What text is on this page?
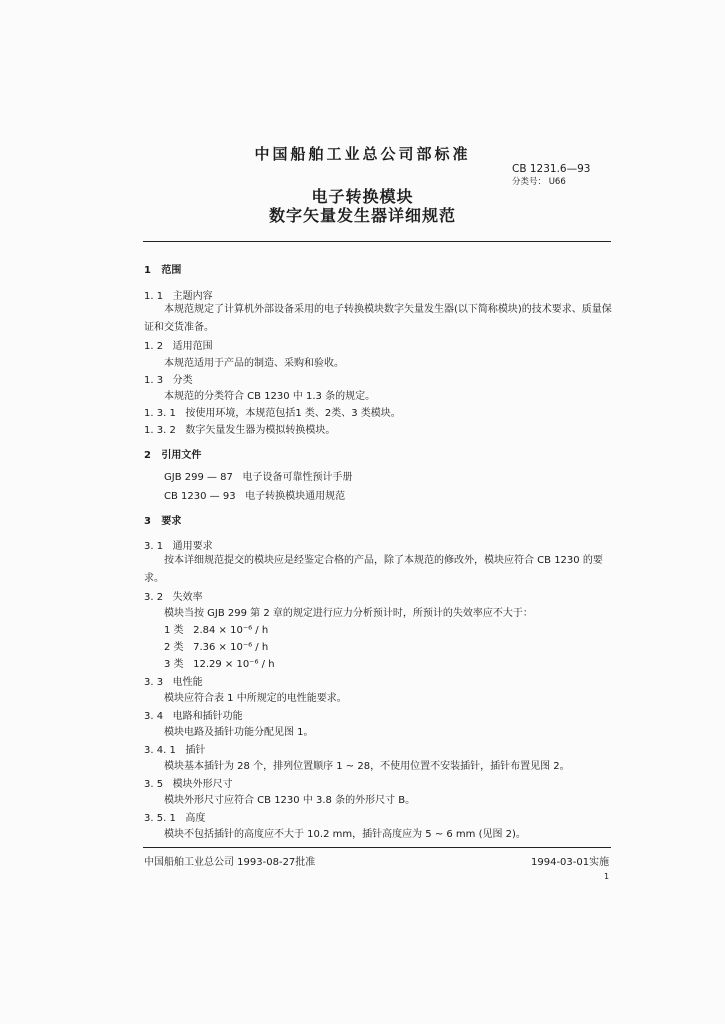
中国船舶工业总公司部标准
CB 1231.6—93
分类号： U66
电子转换模块
数字矢量发生器详细规范
1 范围
1. 1 主题内容
本规范规定了计算机外部设备采用的电子转换模块数字矢量发生器(以下简称模块)的技术要求、质量保证和交货准备。
1. 2 适用范围
本规范适用于产品的制造、采购和验收。
1. 3 分类
本规范的分类符合 CB 1230 中 1.3 条的规定。
1. 3. 1 按使用环境，本规范包括1 类、2类、3 类模块。
1. 3. 2 数字矢量发生器为模拟转换模块。
2 引用文件
GJB 299 — 87 电子设备可靠性预计手册
CB 1230 — 93 电子转换模块通用规范
3 要求
3. 1 通用要求
按本详细规范提交的模块应是经鉴定合格的产品，除了本规范的修改外，模块应符合 CB 1230 的要求。
3. 2 失效率
模块当按 GJB 299 第 2 章的规定进行应力分析预计时，所预计的失效率应不大于：
1 类 2.84 × 10⁻⁶ / h
2 类 7.36 × 10⁻⁶ / h
3 类 12.29 × 10⁻⁶ / h
3. 3 电性能
模块应符合表 1 中所规定的电性能要求。
3. 4 电路和插针功能
模块电路及插针功能分配见图 1。
3. 4. 1 插针
模块基本插针为 28 个，排列位置顺序 1 ~ 28，不使用位置不安装插针，插针布置见图 2。
3. 5 模块外形尺寸
模块外形尺寸应符合 CB 1230 中 3.8 条的外形尺寸 B。
3. 5. 1 高度
模块不包括插针的高度应不大于 10.2 mm，插针高度应为 5 ~ 6 mm (见图 2)。
中国船舶工业总公司 1993-08-27批准	1994-03-01实施
1
